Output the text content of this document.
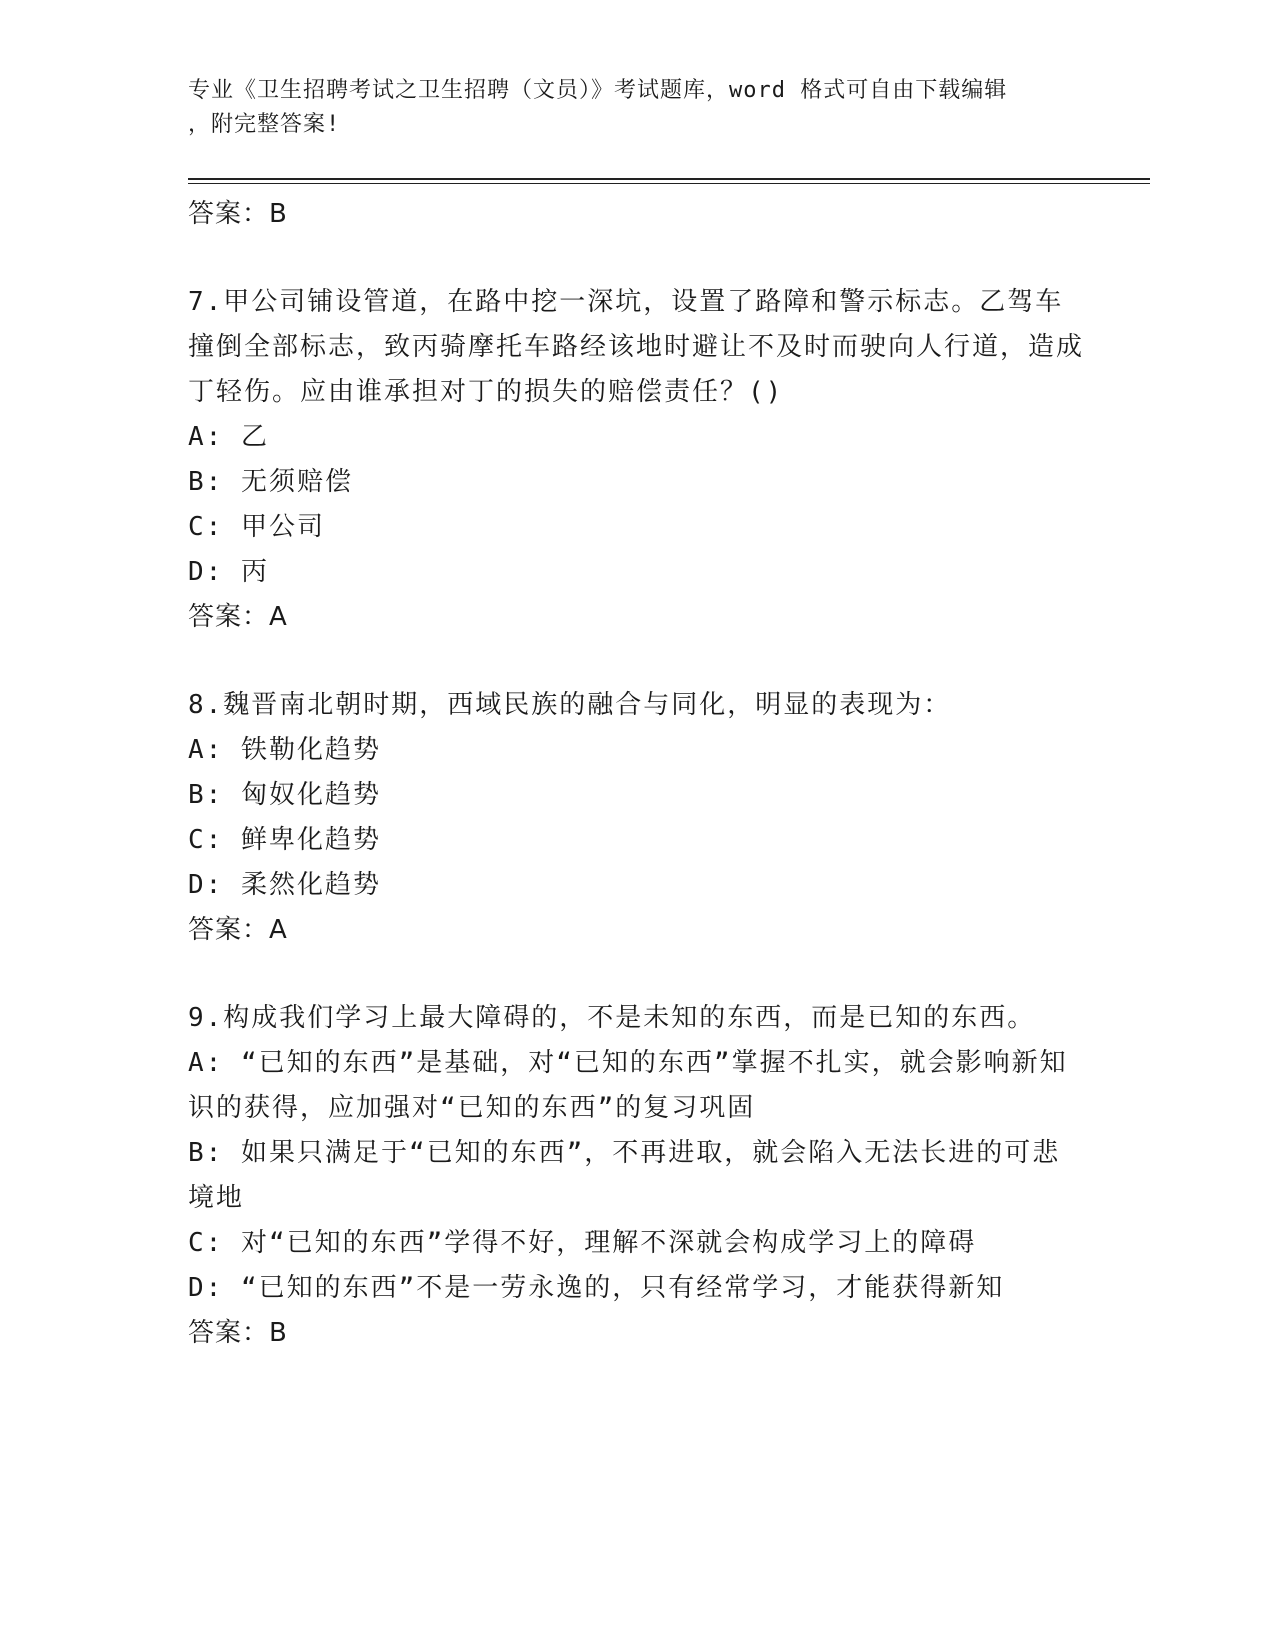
专业《卫生招聘考试之卫生招聘（文员）》考试题库，word 格式可自由下载编辑
，附完整答案!

答案：B

7.甲公司铺设管道，在路中挖一深坑，设置了路障和警示标志。乙驾车撞倒全部标志，致丙骑摩托车路经该地时避让不及时而驶向人行道，造成丁轻伤。应由谁承担对丁的损失的赔偿责任？()

A: 乙

B: 无须赔偿

C: 甲公司

D: 丙

答案：A

8.魏晋南北朝时期，西域民族的融合与同化，明显的表现为：

A: 铁勒化趋势

B: 匈奴化趋势

C: 鲜卑化趋势

D: 柔然化趋势

答案：A

9.构成我们学习上最大障碍的，不是未知的东西，而是已知的东西。

A: “已知的东西”是基础，对“已知的东西”掌握不扎实，就会影响新知识的获得，应加强对“已知的东西”的复习巩固

B: 如果只满足于“已知的东西”，不再进取，就会陷入无法长进的可悲境地

C: 对“已知的东西”学得不好，理解不深就会构成学习上的障碍

D: “已知的东西”不是一劳永逸的，只有经常学习，才能获得新知

答案：B
